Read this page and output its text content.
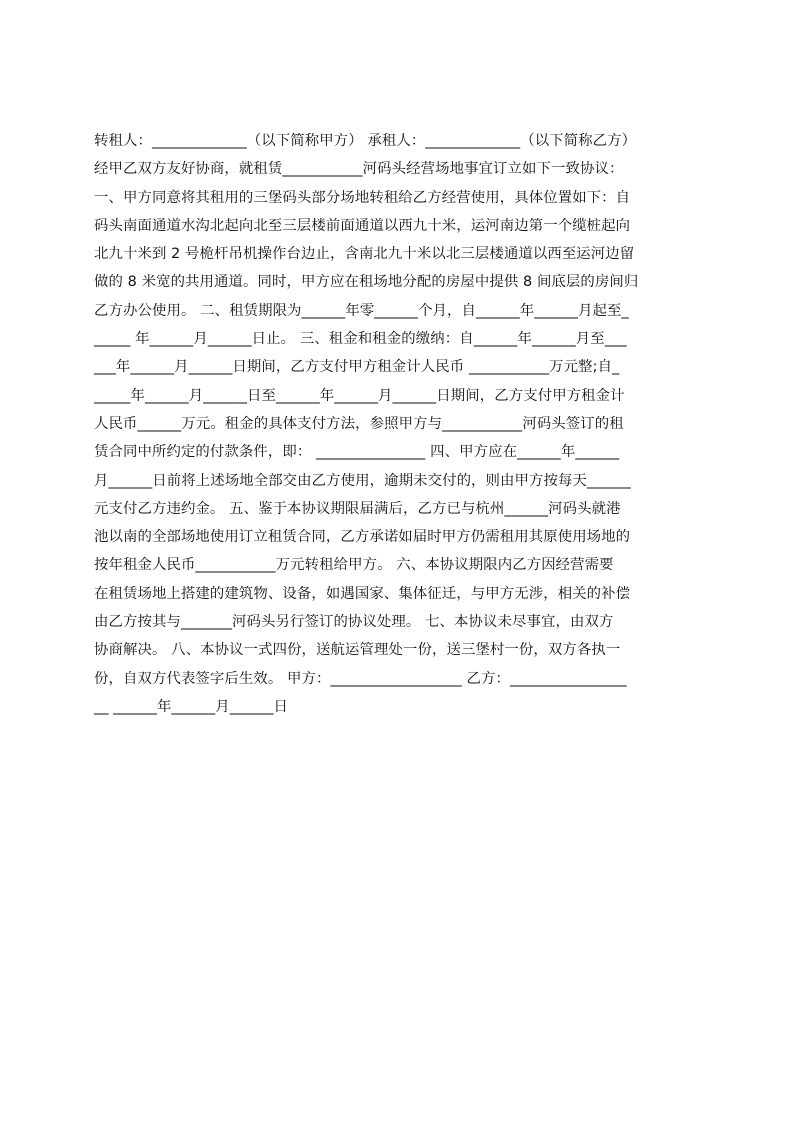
转租人：_____________（以下简称甲方） 承租人：_____________（以下简称乙方）
经甲乙双方友好协商，就租赁___________河码头经营场地事宜订立如下一致协议：
一、甲方同意将其租用的三堡码头部分场地转租给乙方经营使用，具体位置如下：自
码头南面通道水沟北起向北至三层楼前面通道以西九十米，运河南边第一个缆桩起向
北九十米到 2 号桅杆吊机操作台边止，含南北九十米以北三层楼通道以西至运河边留
做的 8 米宽的共用通道。同时，甲方应在租场地分配的房屋中提供 8 间底层的房间归
乙方办公使用。 二、租赁期限为______年零______个月，自______年______月起至_
_____ 年______月______日止。 三、租金和租金的缴纳：自______年______月至___
___年______月______日期间，乙方支付甲方租金计人民币 ___________万元整;自_
_____年______月______日至______年______月______日期间，乙方支付甲方租金计
人民币______万元。租金的具体支付方法，参照甲方与___________河码头签订的租
赁合同中所约定的付款条件，即： _______________ 四、甲方应在______年______
月______日前将上述场地全部交由乙方使用，逾期未交付的，则由甲方按每天______
元支付乙方违约金。 五、鉴于本协议期限届满后，乙方已与杭州______河码头就港
池以南的全部场地使用订立租赁合同，乙方承诺如届时甲方仍需租用其原使用场地的
按年租金人民币___________万元转租给甲方。 六、本协议期限内乙方因经营需要
在租赁场地上搭建的建筑物、设备，如遇国家、集体征迁，与甲方无涉，相关的补偿
由乙方按其与_______河码头另行签订的协议处理。 七、本协议未尽事宜，由双方
协商解决。 八、本协议一式四份，送航运管理处一份，送三堡村一份，双方各执一
份，自双方代表签字后生效。 甲方：__________________ 乙方：________________
__ ______年______月______日
